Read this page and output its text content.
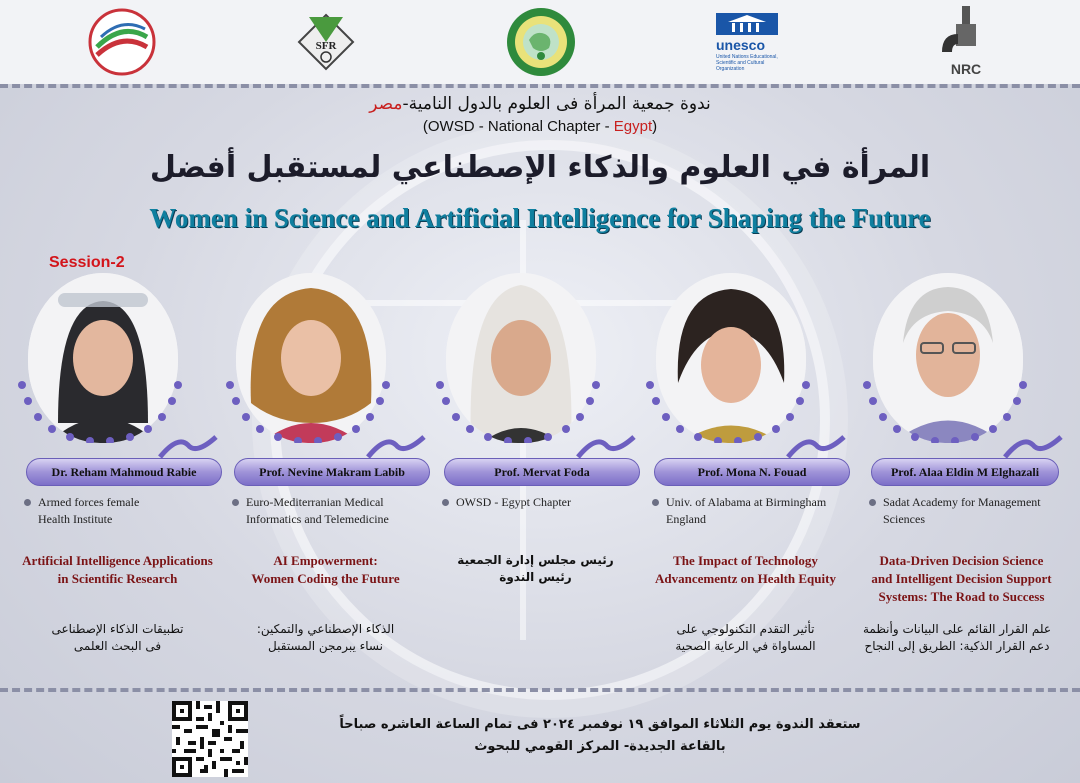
SFR	unesco
United Nations Educational, Scientific and Cultural Organization	NRC
ندوة جمعية المرأة فى العلوم بالدول النامية-مصر
(OWSD - National Chapter - Egypt)
المرأة في العلوم والذكاء الإصطناعي لمستقبل أفضل
Women in Science and Artificial Intelligence for Shaping the Future
Session-2
Dr. Reham Mahmoud Rabie
Armed forces female
Health Institute
Artificial Intelligence Applications
in Scientific Research
تطبيقات الذكاء الإصطناعى
فى البحث العلمى
Prof. Nevine Makram Labib
Euro-Mediterranian Medical
Informatics and Telemedicine
AI Empowerment:
Women Coding the Future
الذكاء الإصطناعي والتمكين:
نساء يبرمجن المستقبل
Prof. Mervat Foda
OWSD - Egypt Chapter
رئيس مجلس إدارة الجمعية
رئيس الندوة
Prof. Mona N. Fouad
Univ. of Alabama at Birmingham
England
The Impact of Technology
Advancementz on Health Equity
تأثير التقدم التكنولوجي على
المساواة في الرعاية الصحية
Prof. Alaa Eldin M Elghazali
Sadat Academy for Management
Sciences
Data-Driven Decision Science
and Intelligent Decision Support
Systems: The Road to Success
علم القرار القائم على البيانات وأنظمة
دعم القرار الذكية: الطريق إلى النجاح
ستعقد الندوة يوم الثلاثاء الموافق ١٩ نوفمبر ٢٠٢٤ فى تمام الساعة العاشره صباحاً
بالقاعة الجديدة- المركز القومي للبحوث
